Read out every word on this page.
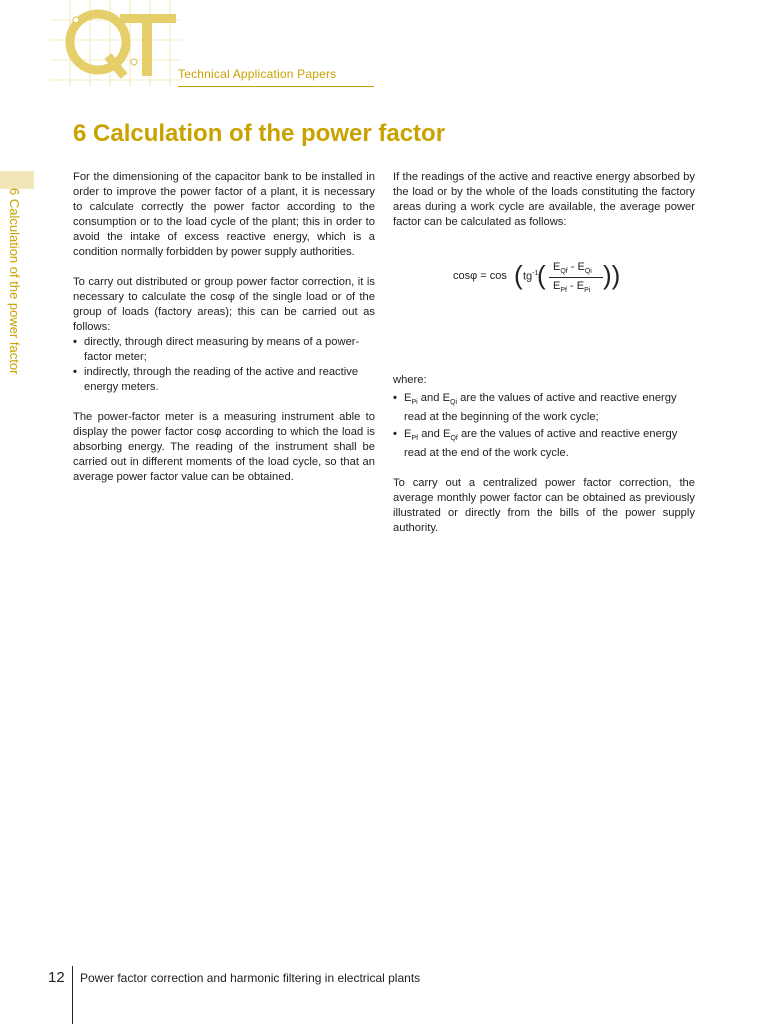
Technical Application Papers
6 Calculation of the power factor
6 Calculation of the power factor

For the dimensioning of the capacitor bank to be installed in order to improve the power factor of a plant, it is necessary to calculate correctly the power factor according to the consumption or to the load cycle of the plant; this in order to avoid the intake of excess reactive energy, which is a condition normally forbidden by power supply authorities.

To carry out distributed or group power factor correction, it is necessary to calculate the cosφ of the single load or of the group of loads (factory areas); this can be carried out as follows:

• directly, through direct measuring by means of a power-factor meter;
• indirectly, through the reading of the active and reactive energy meters.

The power-factor meter is a measuring instrument able to display the power factor cosφ according to which the load is absorbing energy. The reading of the instrument shall be carried out in different moments of the load cycle, so that an average power factor value can be obtained.

If the readings of the active and reactive energy absorbed by the load or by the whole of the loads constituting the factory areas during a work cycle are available, the average power factor can be calculated as follows:

where:

• $E_{Pi}$ and $E_{Qi}$ are the values of active and reactive energy read at the beginning of the work cycle;
• $E_{Pf}$ and $E_{Qf}$ are the values of active and reactive energy read at the end of the work cycle.

To carry out a centralized power factor correction, the average monthly power factor can be obtained as previously illustrated or directly from the bills of the power supply authority.

cosφ = cos ( $tg^{-1}$
( $E_{Qf} - E_{Qi}$
$E_{Pf} - E_{Pi}$
))
12 Power factor correction and harmonic filtering in electrical plants
